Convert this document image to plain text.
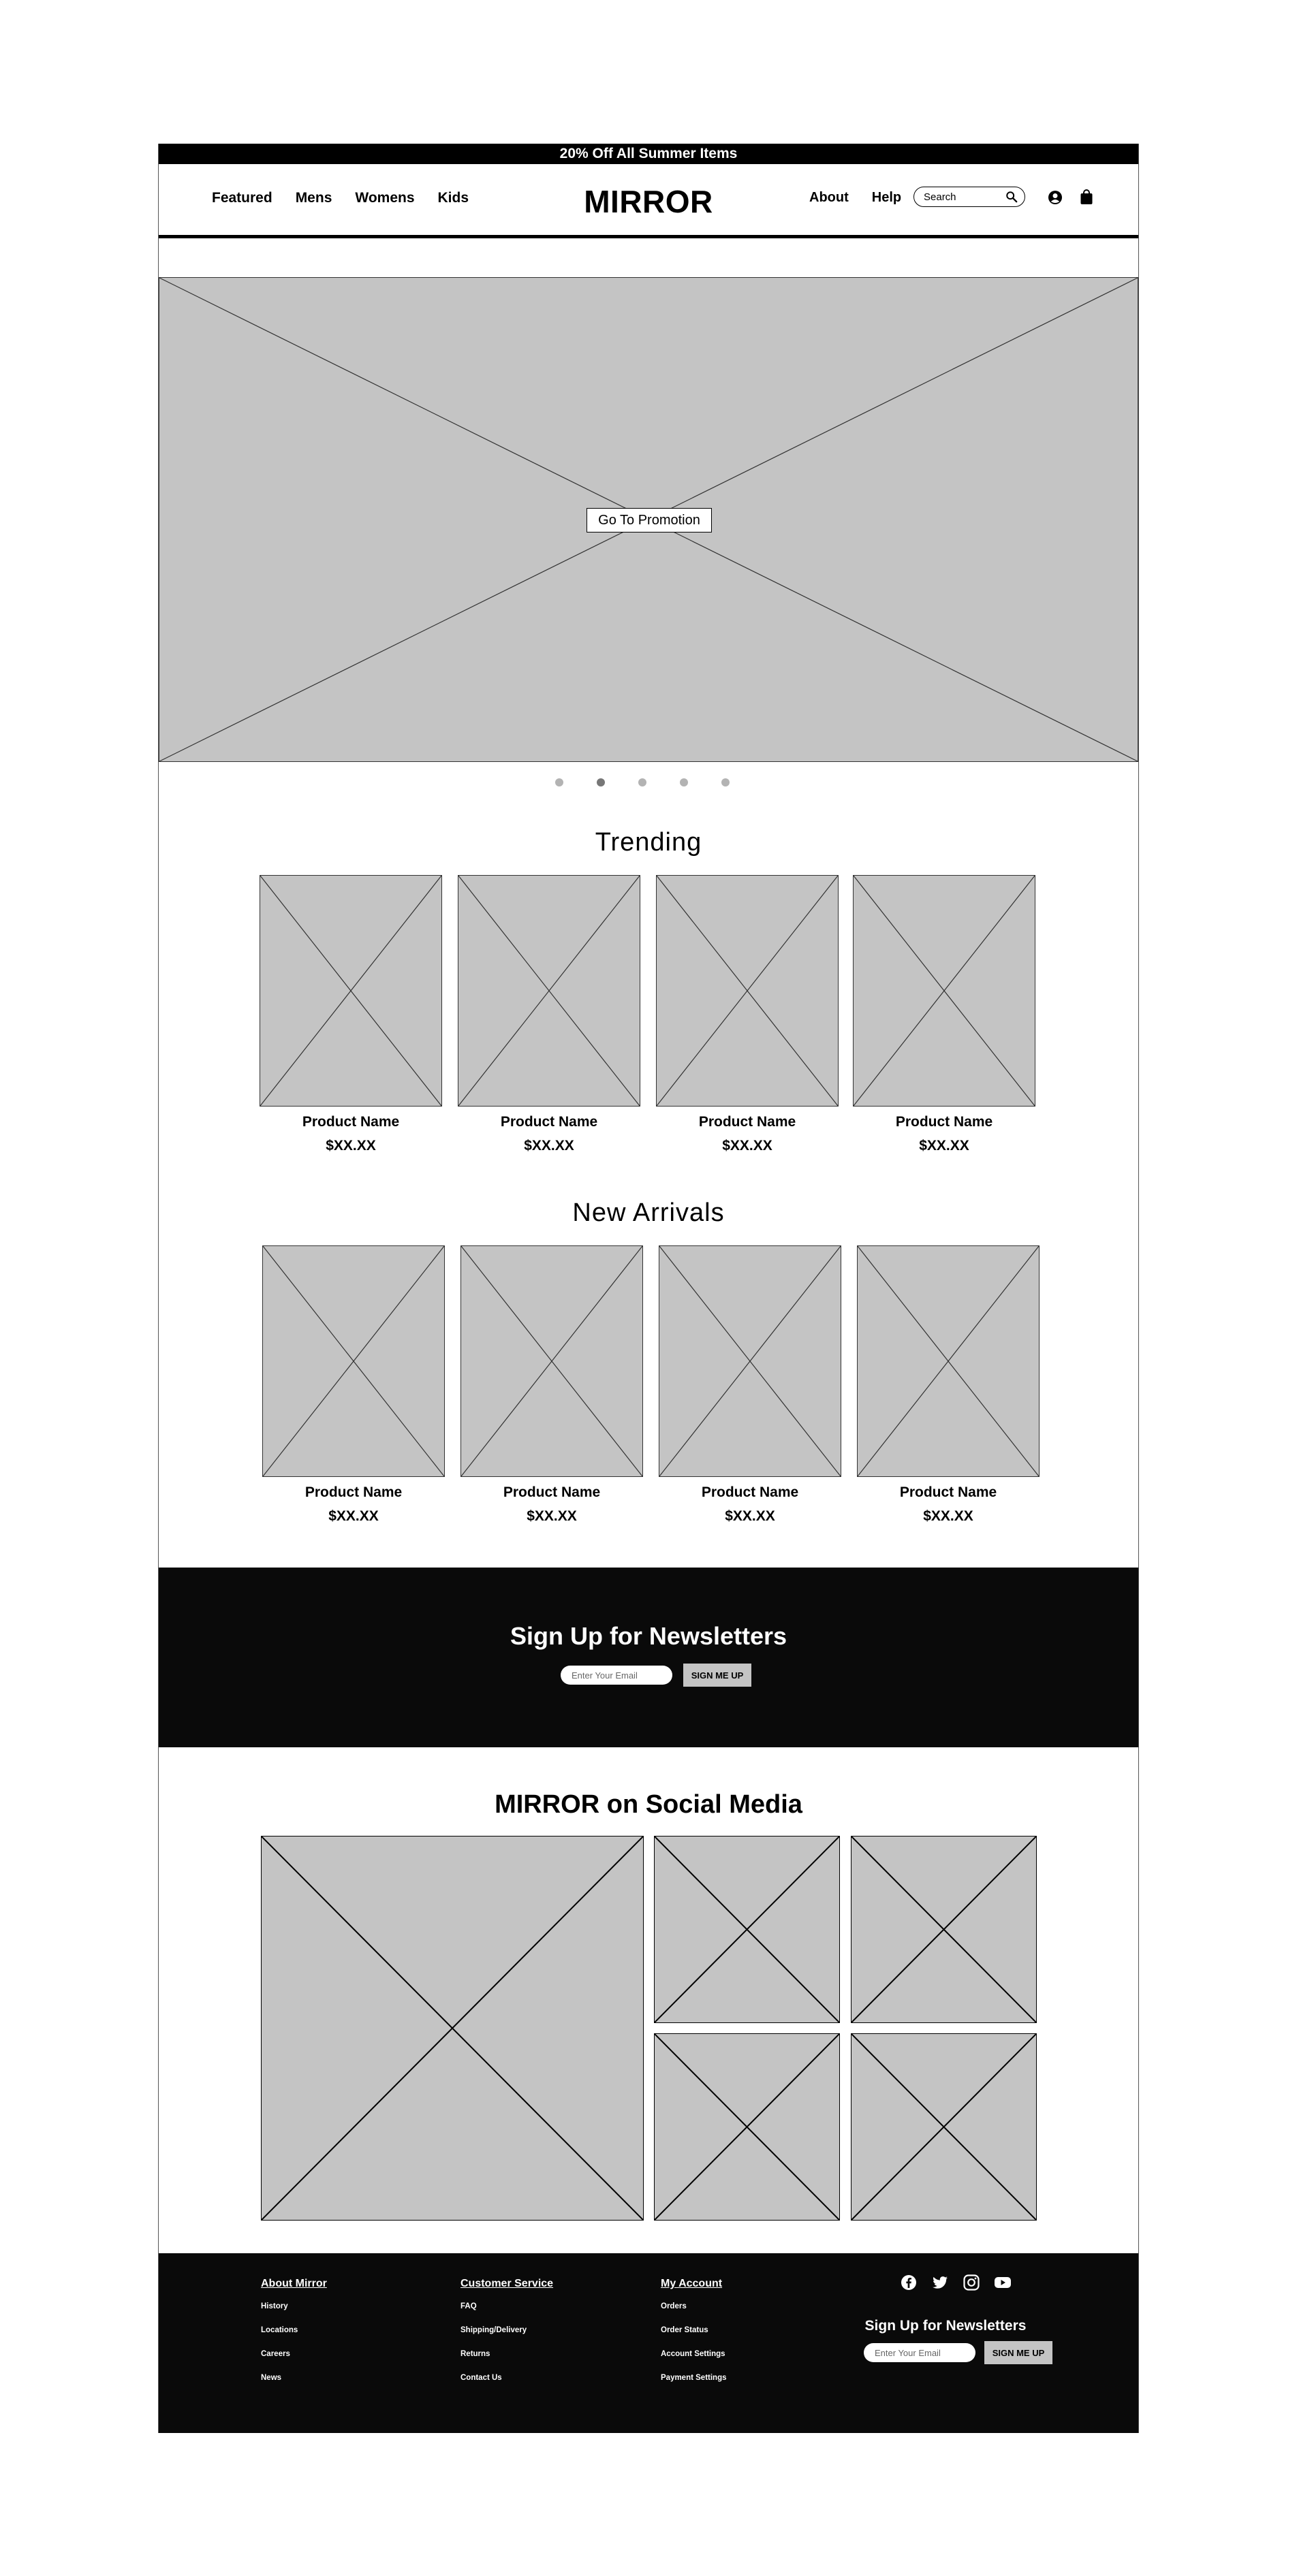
20% Off All Summer Items
Featured Mens Womens Kids	MIRROR	About Help
Search
Go To Promotion
Trending
Product Name
$XX.XX
Product Name
$XX.XX
Product Name
$XX.XX
Product Name
$XX.XX
New Arrivals
Product Name
$XX.XX
Product Name
$XX.XX
Product Name
$XX.XX
Product Name
$XX.XX
Sign Up for Newsletters
Enter Your Email
SIGN ME UP
MIRROR on Social Media
About Mirror
History
Locations
Careers
News
Customer Service
FAQ
Shipping/Delivery
Returns
Contact Us
My Account
Orders
Order Status
Account Settings
Payment Settings
Sign Up for Newsletters
Enter Your Email
SIGN ME UP
